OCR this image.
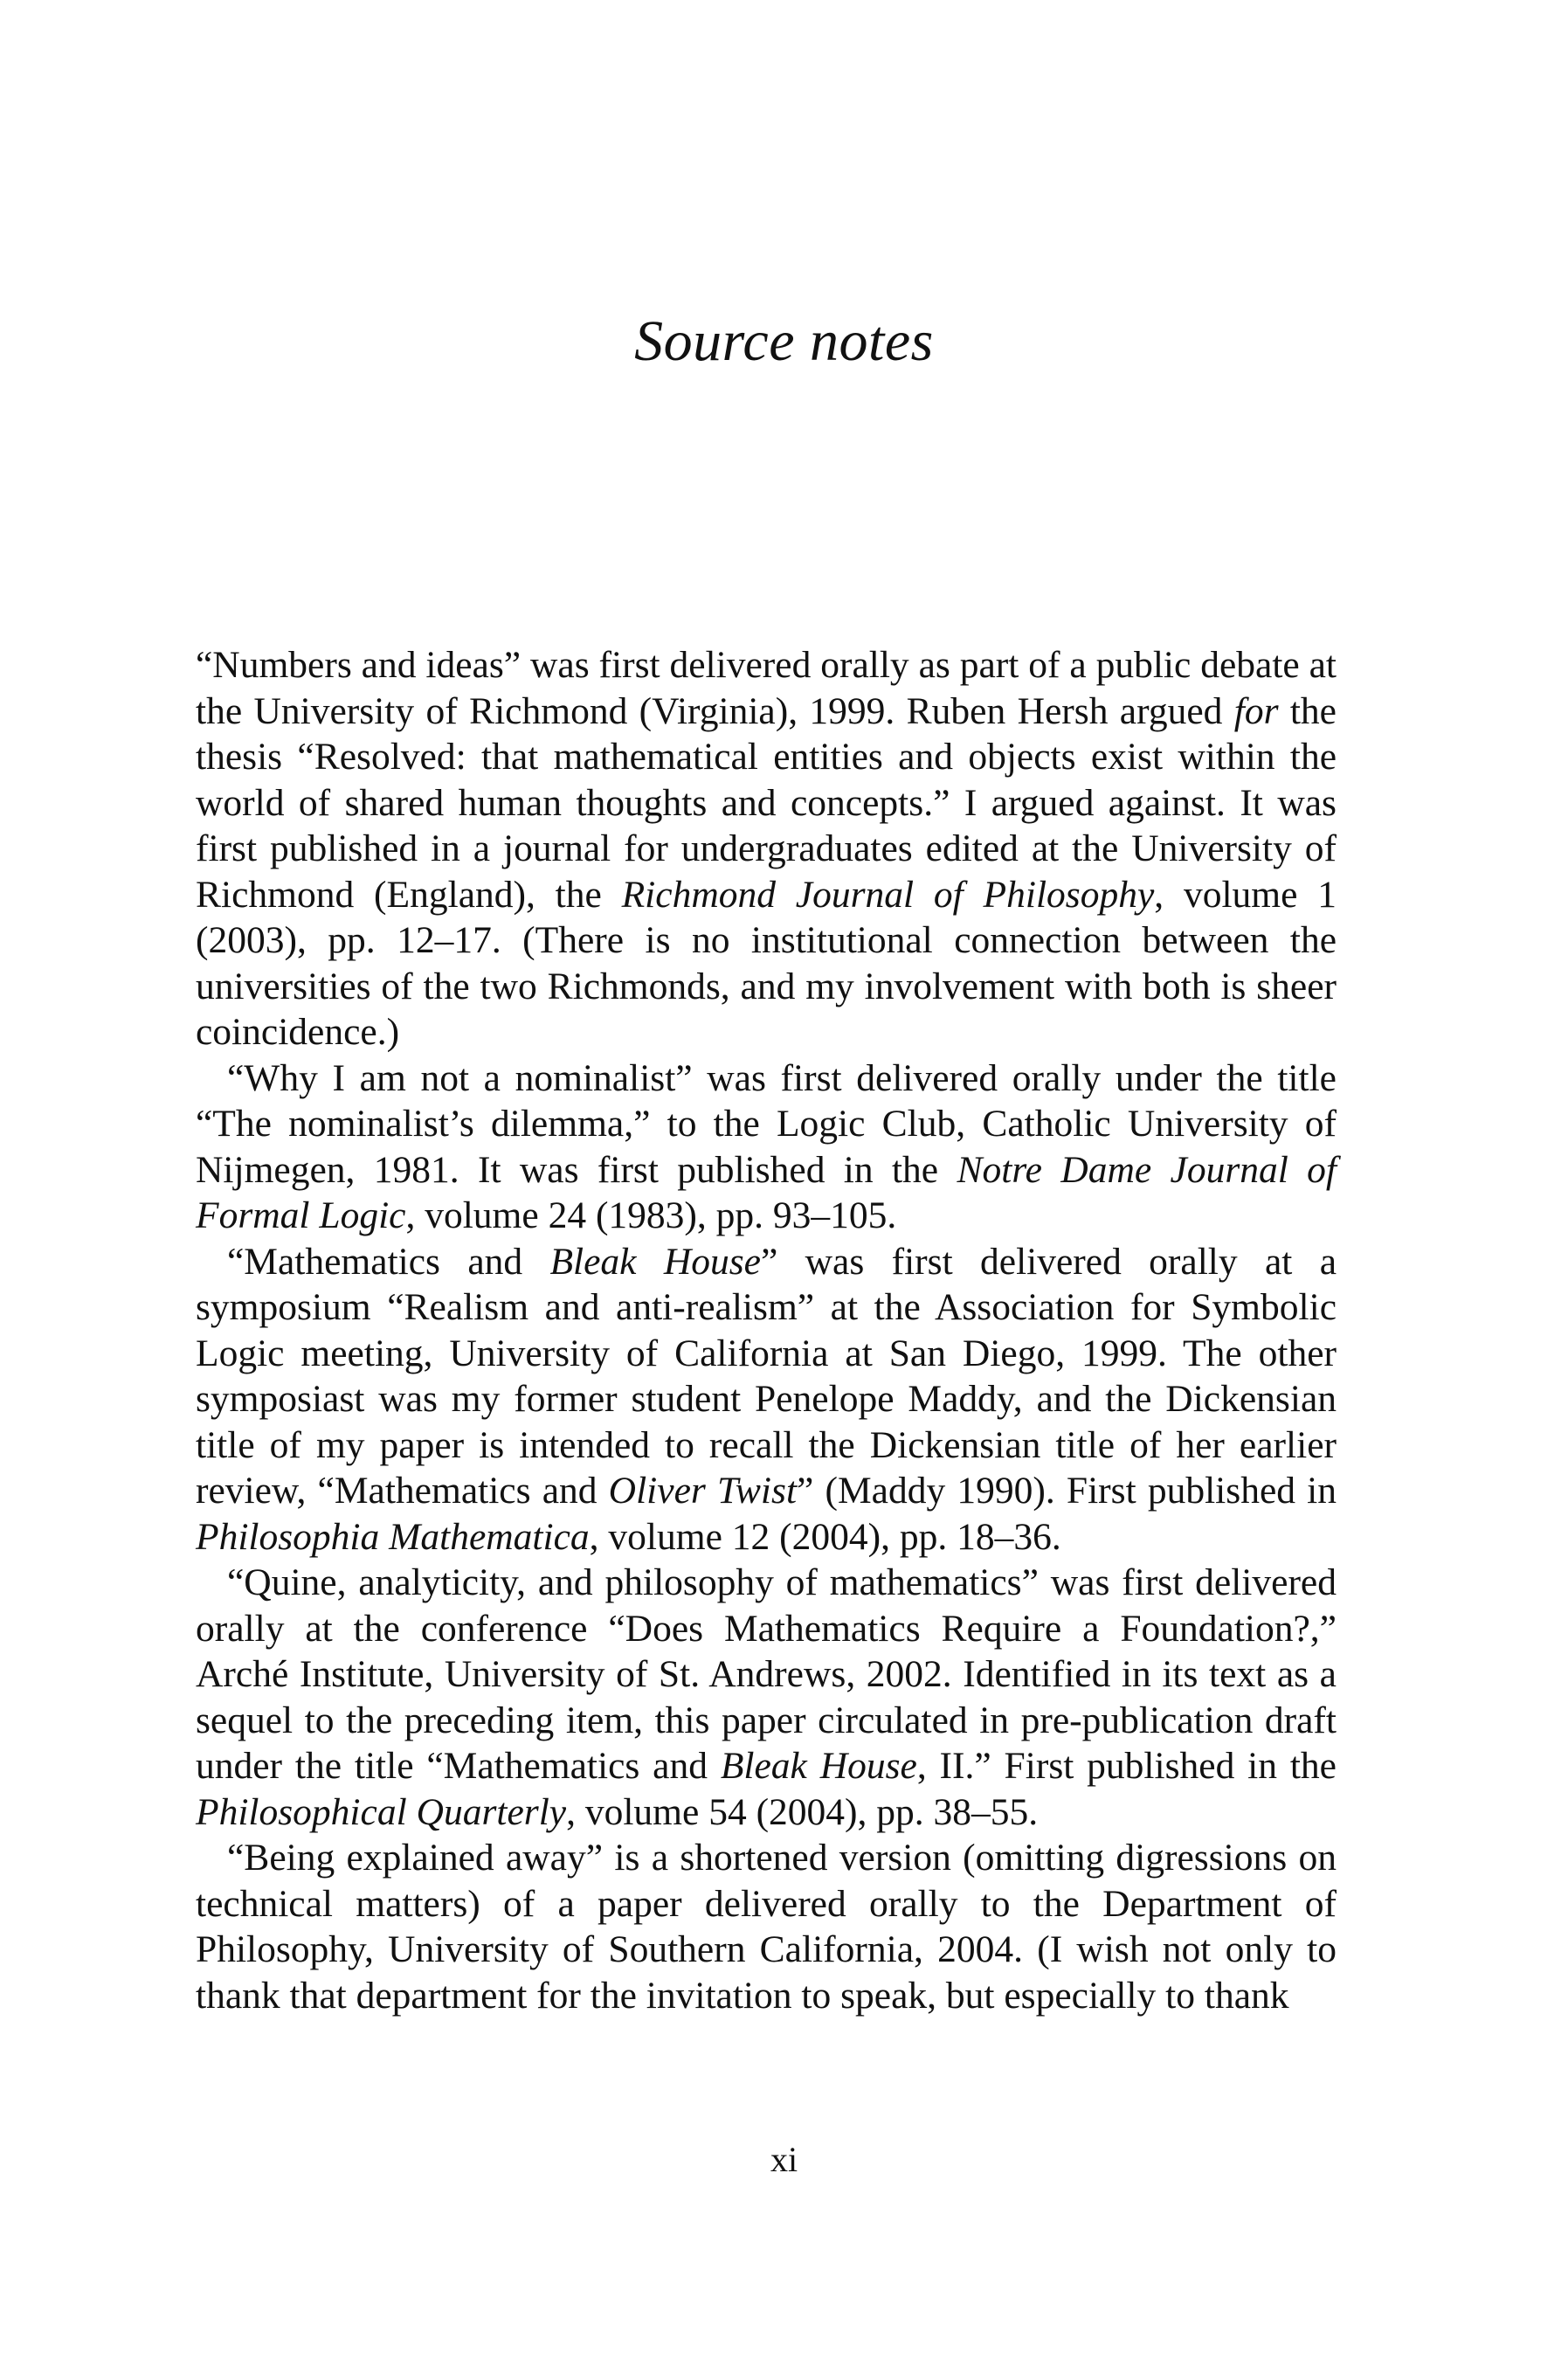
Source notes

“Numbers and ideas” was first delivered orally as part of a public debate at the University of Richmond (Virginia), 1999. Ruben Hersh argued for the thesis “Resolved: that mathematical entities and objects exist within the world of shared human thoughts and concepts.” I argued against. It was first published in a journal for undergraduates edited at the University of Richmond (England), the Richmond Journal of Philosophy, volume 1 (2003), pp. 12–17. (There is no institutional connection between the universities of the two Richmonds, and my involvement with both is sheer coincidence.)

“Why I am not a nominalist” was first delivered orally under the title “The nominalist’s dilemma,” to the Logic Club, Catholic University of Nijmegen, 1981. It was first published in the Notre Dame Journal of Formal Logic, volume 24 (1983), pp. 93–105.

“Mathematics and Bleak House” was first delivered orally at a symposium “Realism and anti-realism” at the Association for Symbolic Logic meeting, University of California at San Diego, 1999. The other symposiast was my former student Penelope Maddy, and the Dickensian title of my paper is intended to recall the Dickensian title of her earlier review, “Mathematics and Oliver Twist” (Maddy 1990). First published in Philosophia Mathematica, volume 12 (2004), pp. 18–36.

“Quine, analyticity, and philosophy of mathematics” was first delivered orally at the conference “Does Mathematics Require a Foundation?,” Arché Institute, University of St. Andrews, 2002. Identified in its text as a sequel to the preceding item, this paper circulated in pre-publication draft under the title “Mathematics and Bleak House, II.” First published in the Philosophical Quarterly, volume 54 (2004), pp. 38–55.

“Being explained away” is a shortened version (omitting digressions on technical matters) of a paper delivered orally to the Department of Philosophy, University of Southern California, 2004. (I wish not only to thank that department for the invitation to speak, but especially to thank

xi
